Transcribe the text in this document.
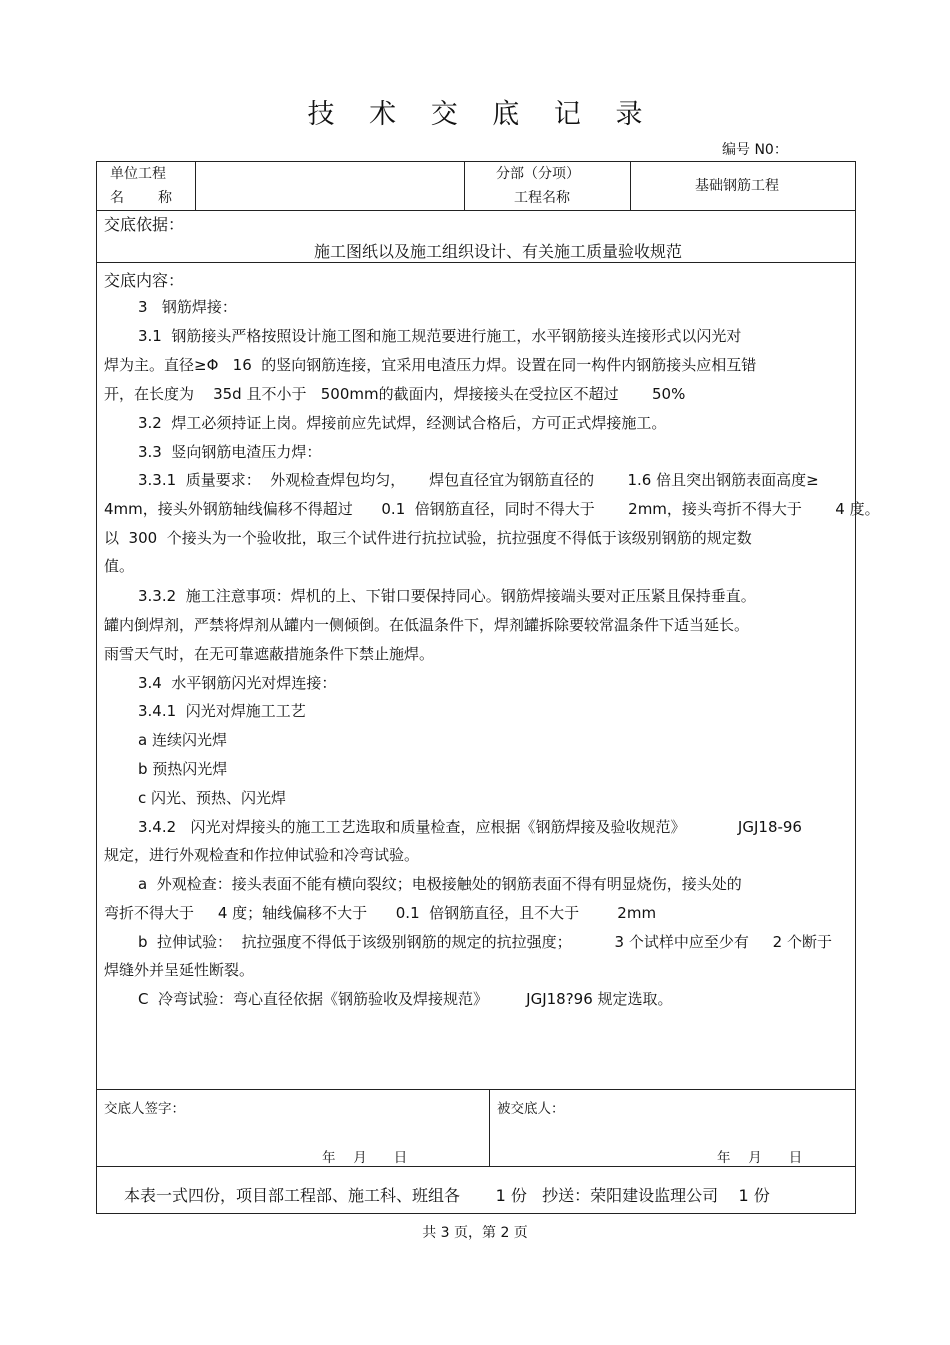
技 术 交 底 记 录
编号 N0：
单位工程
名　　称
分部（分项）
工程名称
基础钢筋工程
交底依据：
施工图纸以及施工组织设计、有关施工质量验收规范
交底内容：
3   钢筋焊接：
3.1  钢筋接头严格按照设计施工图和施工规范要进行施工，水平钢筋接头连接形式以闪光对
焊为主。直径≥Φ   16  的竖向钢筋连接，宜采用电渣压力焊。设置在同一构件内钢筋接头应相互错
开，在长度为    35d 且不小于   500mm的截面内，焊接接头在受拉区不超过       50%
3.2  焊工必须持证上岗。焊接前应先试焊，经测试合格后，方可正式焊接施工。
3.3  竖向钢筋电渣压力焊：
3.3.1  质量要求：  外观检查焊包均匀，     焊包直径宜为钢筋直径的       1.6 倍且突出钢筋表面高度≥
4mm，接头外钢筋轴线偏移不得超过      0.1  倍钢筋直径，同时不得大于       2mm，接头弯折不得大于       4 度。
以  300  个接头为一个验收批，取三个试件进行抗拉试验，抗拉强度不得低于该级别钢筋的规定数
值。
3.3.2  施工注意事项：焊机的上、下钳口要保持同心。钢筋焊接端头要对正压紧且保持垂直。
罐内倒焊剂，严禁将焊剂从罐内一侧倾倒。在低温条件下，焊剂罐拆除要较常温条件下适当延长。
雨雪天气时，在无可靠遮蔽措施条件下禁止施焊。
3.4  水平钢筋闪光对焊连接：
3.4.1  闪光对焊施工工艺
a 连续闪光焊
b 预热闪光焊
c 闪光、预热、闪光焊
3.4.2   闪光对焊接头的施工工艺选取和质量检查，应根据《钢筋焊接及验收规范》           JGJ18-96
规定，进行外观检查和作拉伸试验和冷弯试验。
a  外观检查：接头表面不能有横向裂纹；电极接触处的钢筋表面不得有明显烧伤，接头处的
弯折不得大于     4 度；轴线偏移不大于      0.1  倍钢筋直径，且不大于        2mm
b  拉伸试验：  抗拉强度不得低于该级别钢筋的规定的抗拉强度；         3 个试样中应至少有     2 个断于
焊缝外并呈延性断裂。
C  冷弯试验：弯心直径依据《钢筋验收及焊接规范》        JGJ18?96 规定选取。
交底人签字：
年　 月　　日
被交底人：
年　 月　　日
本表一式四份，项目部工程部、施工科、班组各       1 份   抄送：荣阳建设监理公司    1 份
共 3 页，第 2 页
